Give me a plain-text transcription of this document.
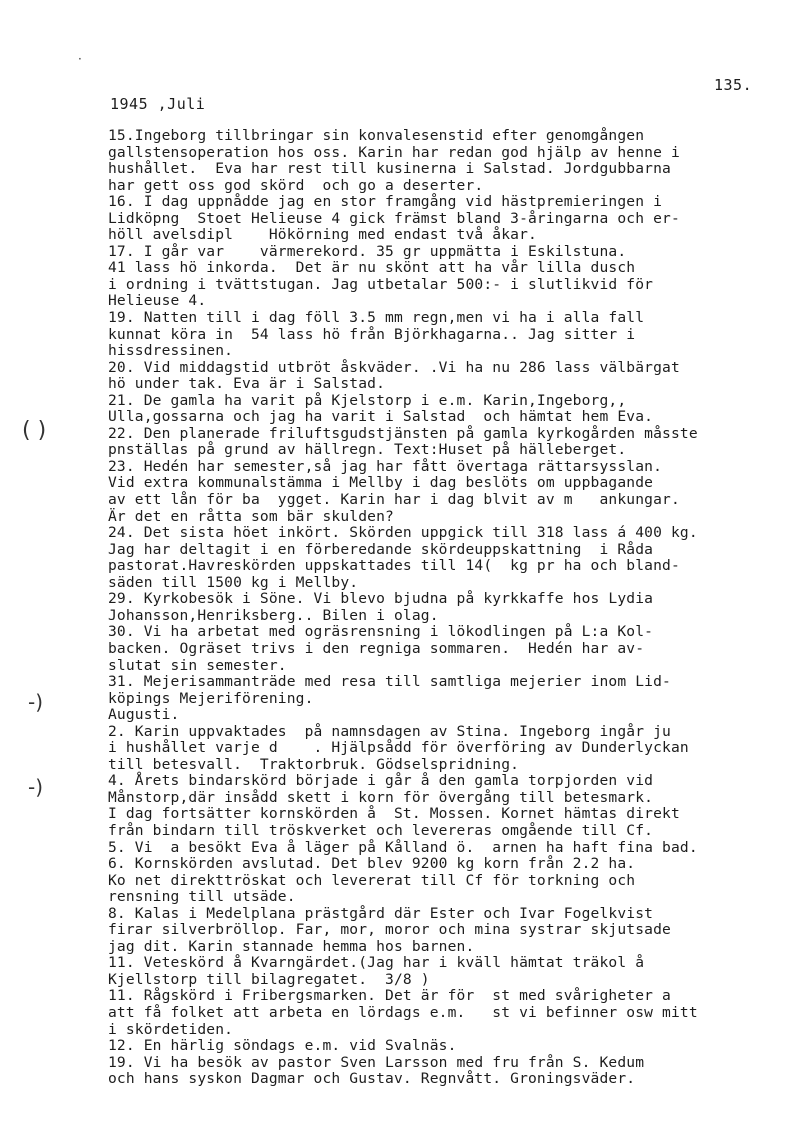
135.
1945 ,Juli
15.Ingeborg tillbringar sin konvalesenstid efter genomgången
gallstensoperation hos oss. Karin har redan god hjälp av henne i
hushållet.  Eva har rest till kusinerna i Salstad. Jordgubbarna
har gett oss god skörd  och go a deserter.
16. I dag uppnådde jag en stor framgång vid hästpremieringen i
Lidköpng  Stoet Helieuse 4 gick främst bland 3-åringarna och er-
höll avelsdipl    Hökörning med endast två åkar.
17. I går var    värmerekord. 35 gr uppmätta i Eskilstuna.
41 lass hö inkorda.  Det är nu skönt att ha vår lilla dusch
i ordning i tvättstugan. Jag utbetalar 500:- i slutlikvid för
Helieuse 4.
19. Natten till i dag föll 3.5 mm regn,men vi ha i alla fall
kunnat köra in  54 lass hö från Björkhagarna.. Jag sitter i
hissdressinen.
20. Vid middagstid utbröt åskväder. .Vi ha nu 286 lass välbärgat
hö under tak. Eva är i Salstad.
21. De gamla ha varit på Kjelstorp i e.m. Karin,Ingeborg,,
Ulla,gossarna och jag ha varit i Salstad  och hämtat hem Eva.
22. Den planerade friluftsgudstjänsten på gamla kyrkogården måsste
pnställas på grund av hällregn. Text:Huset på hälleberget.
23. Hedén har semester,så jag har fått övertaga rättarsysslan.
Vid extra kommunalstämma i Mellby i dag beslöts om uppbagande
av ett lån för ba  ygget. Karin har i dag blvit av m   ankungar.
Är det en råtta som bär skulden?
24. Det sista höet inkört. Skörden uppgick till 318 lass á 400 kg.
Jag har deltagit i en förberedande skördeuppskattning  i Råda
pastorat.Havreskörden uppskattades till 14(  kg pr ha och bland-
säden till 1500 kg i Mellby.
29. Kyrkobesök i Söne. Vi blevo bjudna på kyrkkaffe hos Lydia
Johansson,Henriksberg.. Bilen i olag.
30. Vi ha arbetat med ogräsrensning i lökodlingen på L:a Kol-
backen. Ogräset trivs i den regniga sommaren.  Hedén har av-
slutat sin semester.
31. Mejerisammanträde med resa till samtliga mejerier inom Lid-
köpings Mejeriförening.
Augusti.
2. Karin uppvaktades  på namnsdagen av Stina. Ingeborg ingår ju
i hushållet varje d    . Hjälpsådd för överföring av Dunderlyckan
till betesvall.  Traktorbruk. Gödselspridning.
4. Årets bindarskörd började i går å den gamla torpjorden vid
Månstorp,där insådd skett i korn för övergång till betesmark.
I dag fortsätter kornskörden å  St. Mossen. Kornet hämtas direkt
från bindarn till tröskverket och levereras omgående till Cf.
5. Vi  a besökt Eva å läger på Kålland ö.  arnen ha haft fina bad.
6. Kornskörden avslutad. Det blev 9200 kg korn från 2.2 ha.
Ko net direkttröskat och levererat till Cf för torkning och
rensning till utsäde.
8. Kalas i Medelplana prästgård där Ester och Ivar Fogelkvist
firar silverbröllop. Far, mor, moror och mina systrar skjutsade
jag dit. Karin stannade hemma hos barnen.
11. Veteskörd å Kvarngärdet.(Jag har i kväll hämtat träkol å
Kjellstorp till bilagregatet.  3/8 )
11. Rågskörd i Fribergsmarken. Det är för  st med svårigheter a
att få folket att arbeta en lördags e.m.   st vi befinner osw mitt
i skördetiden.
12. En härlig söndags e.m. vid Svalnäs.
19. Vi ha besök av pastor Sven Larsson med fru från S. Kedum
och hans syskon Dagmar och Gustav. Regnvått. Groningsväder.
( )
-)
-)
·
